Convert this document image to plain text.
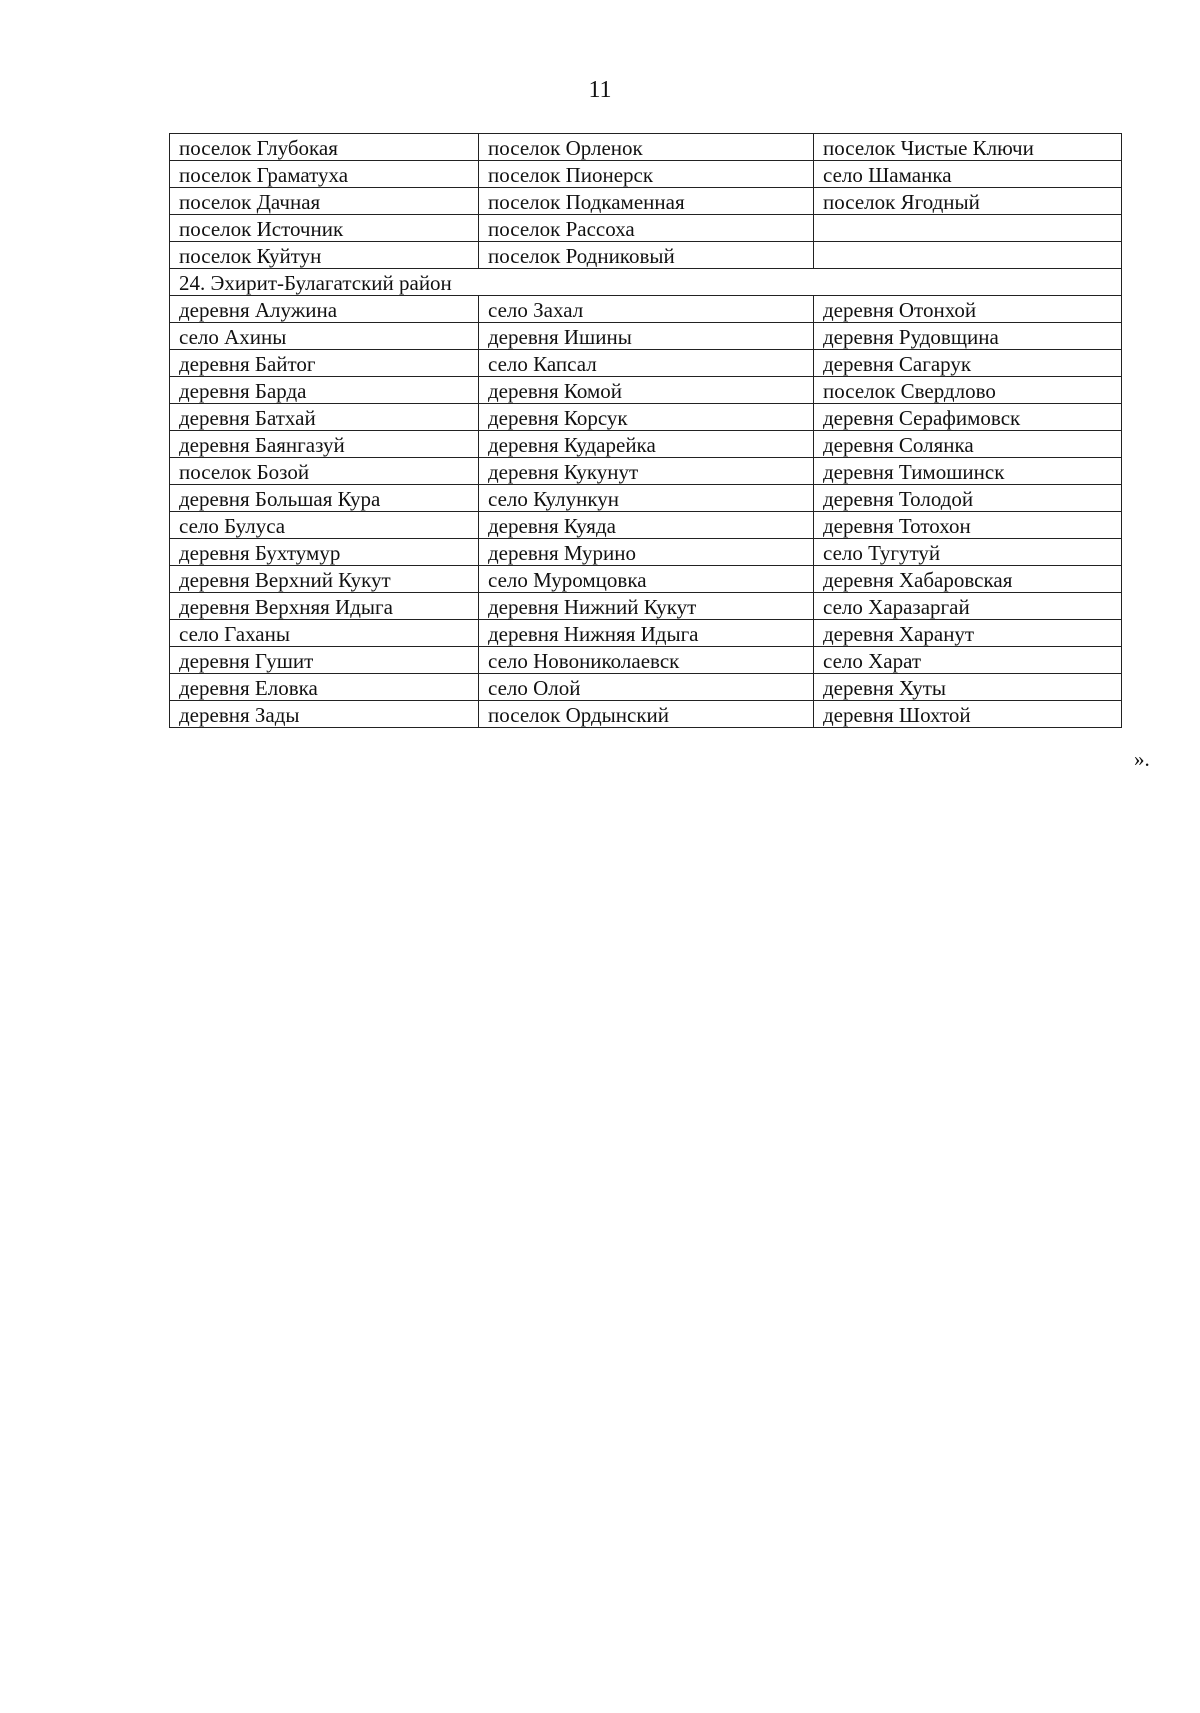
11
поселок Глубокая	поселок Орленок	поселок Чистые Ключи
поселок Граматуха	поселок Пионерск	село Шаманка
поселок Дачная	поселок Подкаменная	поселок Ягодный
поселок Источник	поселок Рассоха	
поселок Куйтун	поселок Родниковый	
24. Эхирит-Булагатский район		
деревня Алужина	село Захал	деревня Отонхой
село Ахины	деревня Ишины	деревня Рудовщина
деревня Байтог	село Капсал	деревня Сагарук
деревня Барда	деревня Комой	поселок Свердлово
деревня Батхай	деревня Корсук	деревня Серафимовск
деревня Баянгазуй	деревня Кударейка	деревня Солянка
поселок Бозой	деревня Кукунут	деревня Тимошинск
деревня Большая Кура	село Кулункун	деревня Толодой
село Булуса	деревня Куяда	деревня Тотохон
деревня Бухтумур	деревня Мурино	село Тугутуй
деревня Верхний Кукут	село Муромцовка	деревня Хабаровская
деревня Верхняя Идыга	деревня Нижний Кукут	село Харазаргай
село Гаханы	деревня Нижняя Идыга	деревня Харанут
деревня Гушит	село Новониколаевск	село Харат
деревня Еловка	село Олой	деревня Хуты
деревня Зады	поселок Ордынский	деревня Шохтой
».
